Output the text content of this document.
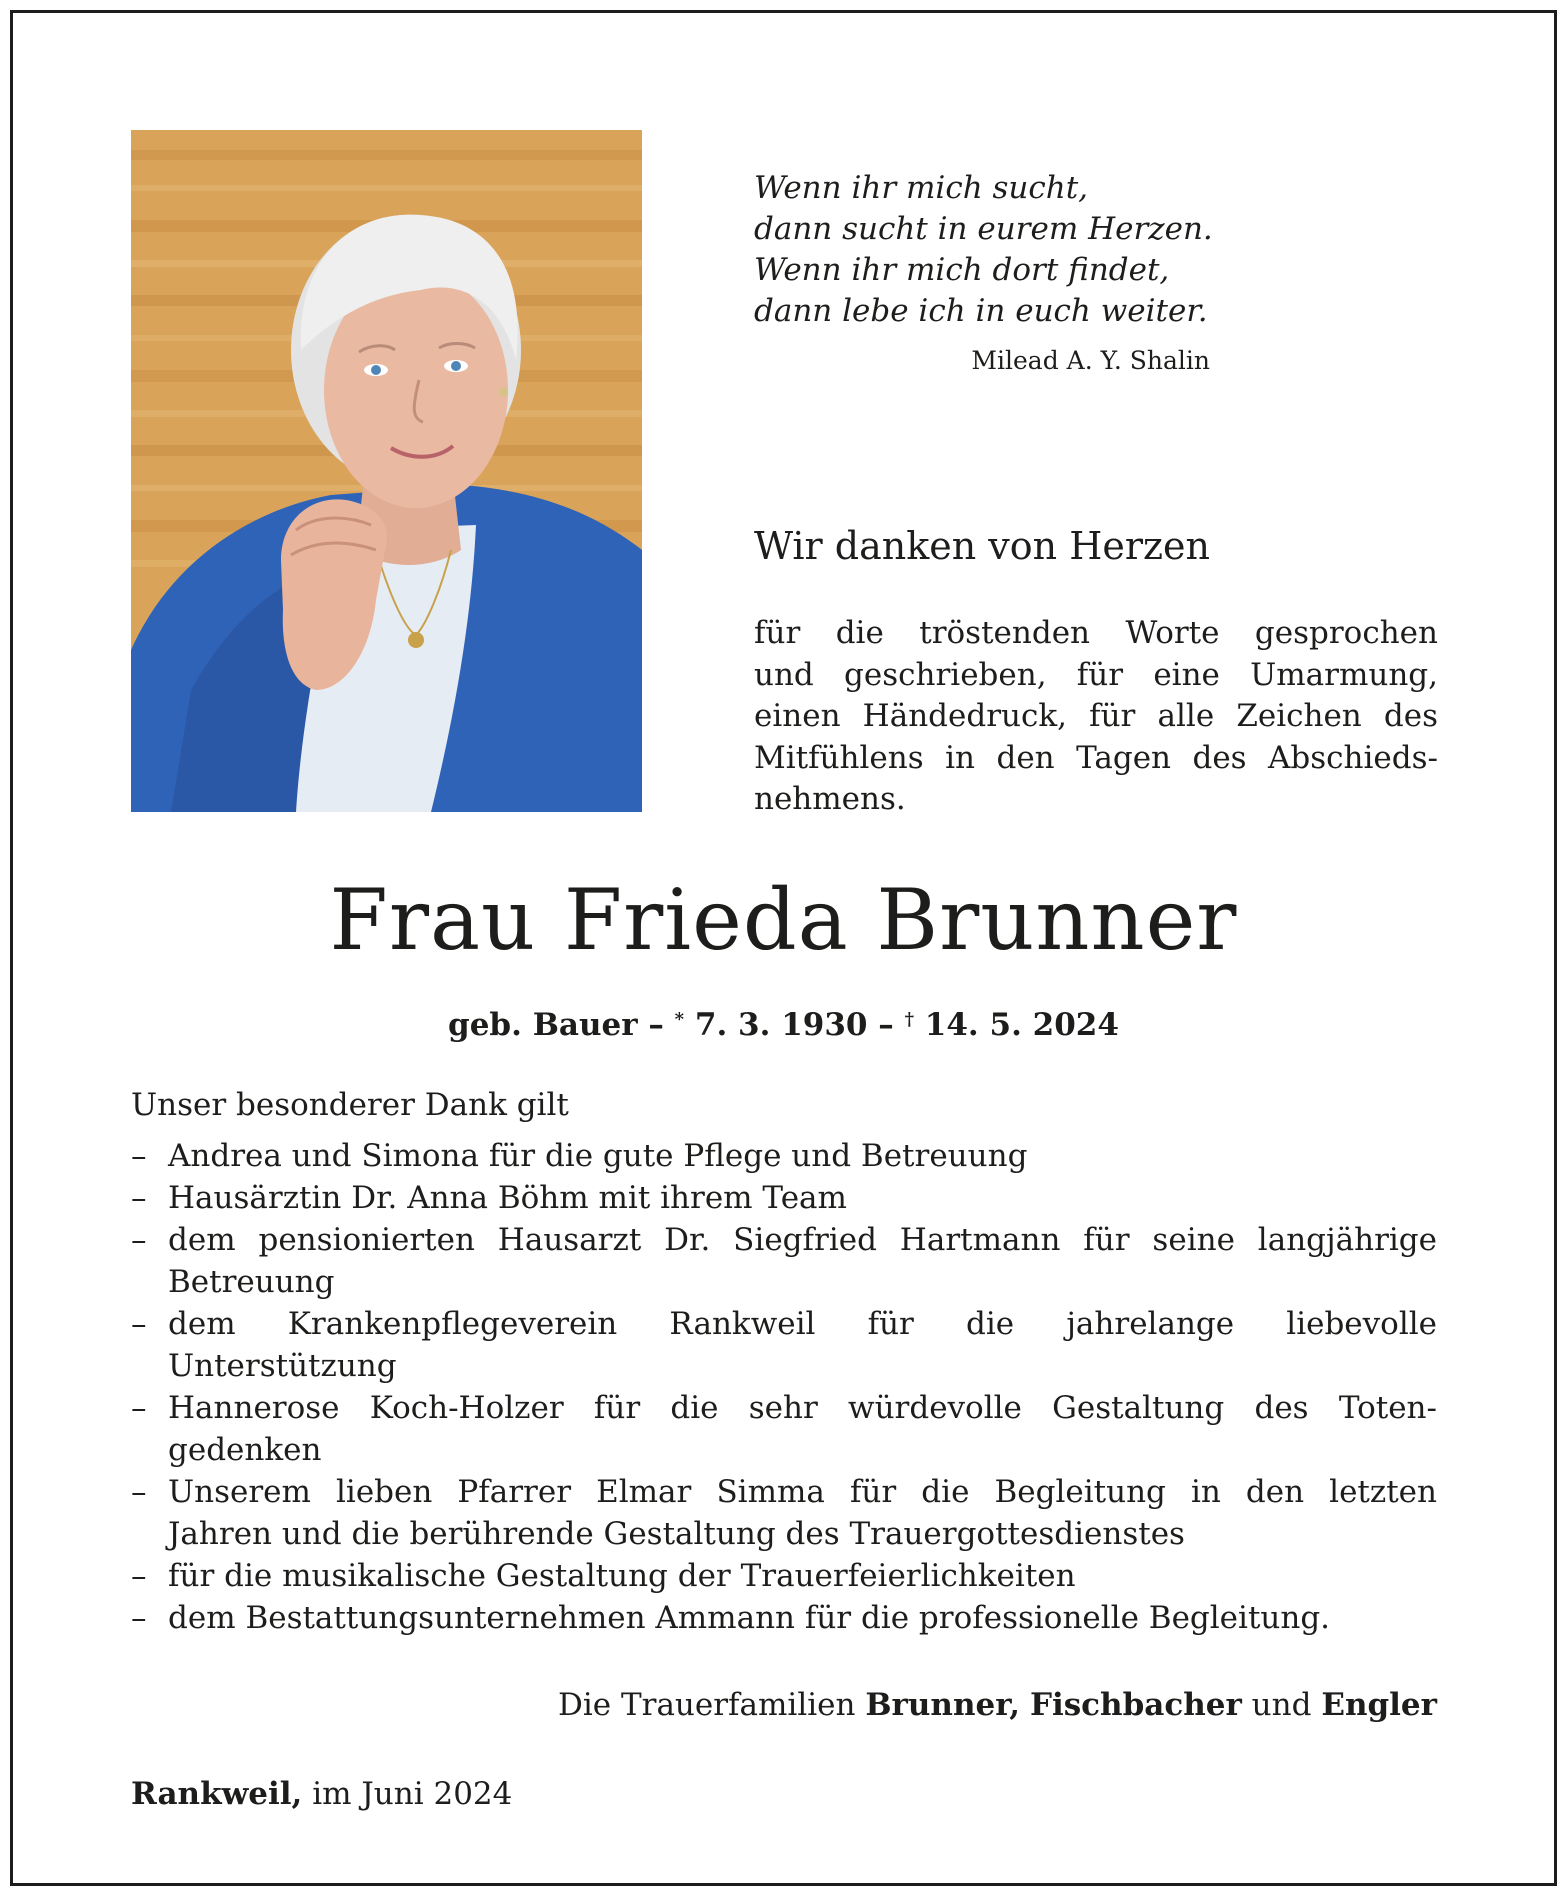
Wenn ihr mich sucht,
dann sucht in eurem Herzen.
Wenn ihr mich dort findet,
dann lebe ich in euch weiter.
Milead A. Y. Shalin
Wir danken von Herzen
für die tröstenden Worte gesprochen
und geschrieben, für eine Umarmung,
einen Händedruck, für alle Zeichen des
Mitfühlens in den Tagen des Abschieds-
nehmens.
Frau Frieda Brunner
geb. Bauer – * 7. 3. 1930 – † 14. 5. 2024
Unser besonderer Dank gilt
– Andrea und Simona für die gute Pflege und Betreuung
– Hausärztin Dr. Anna Böhm mit ihrem Team
– dem pensionierten Hausarzt Dr. Siegfried Hartmann für seine langjährige
Betreuung
– dem Krankenpflegeverein Rankweil für die jahrelange liebevolle
Unterstützung
– Hannerose Koch-Holzer für die sehr würdevolle Gestaltung des Toten-
gedenken
– Unserem lieben Pfarrer Elmar Simma für die Begleitung in den letzten
Jahren und die berührende Gestaltung des Trauergottesdienstes
– für die musikalische Gestaltung der Trauerfeierlichkeiten
– dem Bestattungsunternehmen Ammann für die professionelle Begleitung.
Die Trauerfamilien Brunner, Fischbacher und Engler
Rankweil, im Juni 2024
